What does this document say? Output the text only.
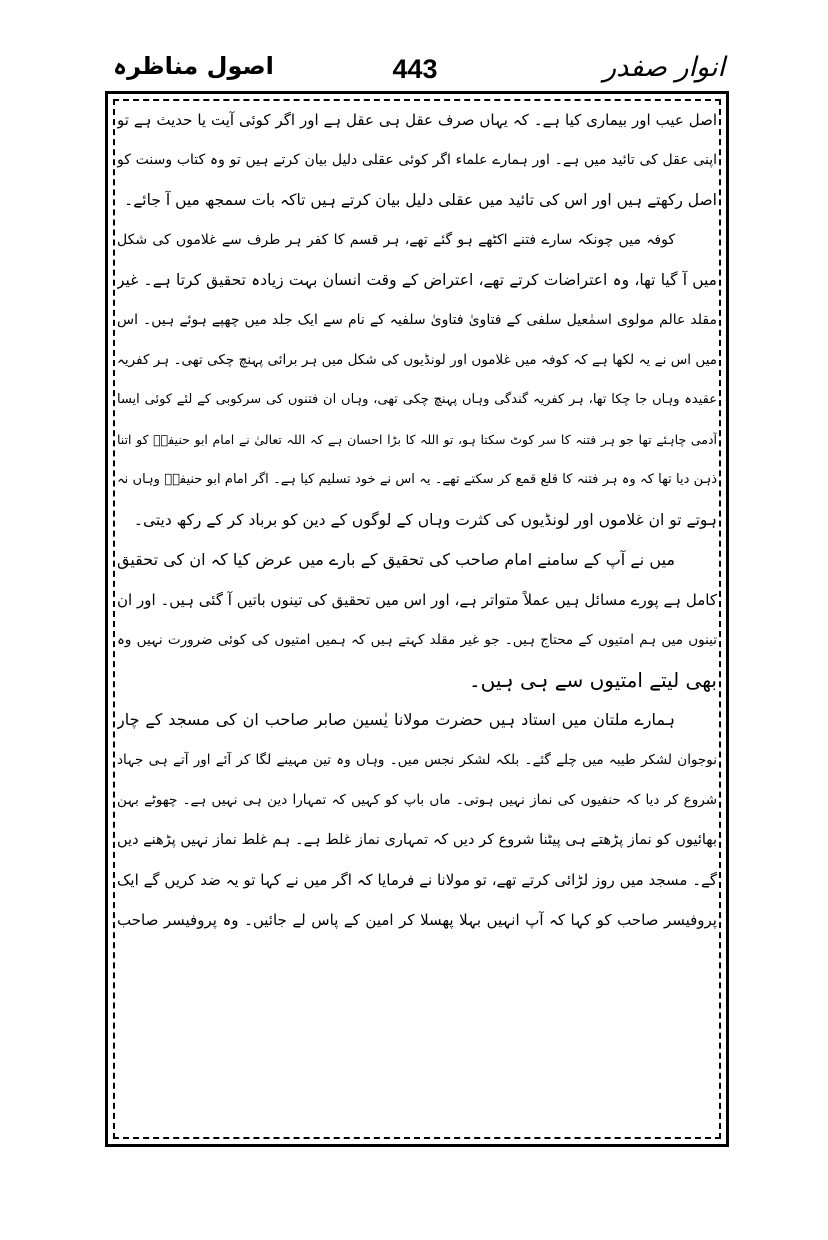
انوار صفدر
443
اصول مناظرہ
اصل عیب اور بیماری کیا ہے۔ کہ یہاں صرف عقل ہی عقل ہے اور اگر کوئی آیت یا حدیث ہے تو
اپنی عقل کی تائید میں ہے۔ اور ہمارے علماء اگر کوئی عقلی دلیل بیان کرتے ہیں تو وہ کتاب وسنت کو
اصل رکھتے ہیں اور اس کی تائید میں عقلی دلیل بیان کرتے ہیں تاکہ بات سمجھ میں آ جائے۔
کوفہ میں چونکہ سارے فتنے اکٹھے ہو گئے تھے، ہر قسم کا کفر ہر طرف سے غلاموں کی شکل
میں آ گیا تھا، وہ اعتراضات کرتے تھے، اعتراض کے وقت انسان بہت زیادہ تحقیق کرتا ہے۔ غیر
مقلد عالم مولوی اسمٰعیل سلفی کے فتاویٰ فتاویٰ سلفیہ کے نام سے ایک جلد میں چھپے ہوئے ہیں۔ اس
میں اس نے یہ لکھا ہے کہ کوفہ میں غلاموں اور لونڈیوں کی شکل میں ہر برائی پہنچ چکی تھی۔ ہر کفریہ
عقیدہ وہاں جا چکا تھا، ہر کفریہ گندگی وہاں پہنچ چکی تھی، وہاں ان فتنوں کی سرکوبی کے لئے کوئی ایسا
آدمی چاہئے تھا جو ہر فتنہ کا سر کوٹ سکتا ہو، تو اللہ کا بڑا احسان ہے کہ اللہ تعالیٰ نے امام ابو حنیفہؒ کو اتنا
ذہن دیا تھا کہ وہ ہر فتنہ کا قلع قمع کر سکتے تھے۔ یہ اس نے خود تسلیم کیا ہے۔ اگر امام ابو حنیفہؒ وہاں نہ
ہوتے تو ان غلاموں اور لونڈیوں کی کثرت وہاں کے لوگوں کے دین کو برباد کر کے رکھ دیتی۔
میں نے آپ کے سامنے امام صاحب کی تحقیق کے بارے میں عرض کیا کہ ان کی تحقیق
کامل ہے پورے مسائل ہیں عملاً متواتر ہے، اور اس میں تحقیق کی تینوں باتیں آ گئی ہیں۔ اور ان
تینوں میں ہم امتیوں کے محتاج ہیں۔ جو غیر مقلد کہتے ہیں کہ ہمیں امتیوں کی کوئی ضرورت نہیں وہ
بھی لیتے امتیوں سے ہی ہیں۔
ہمارے ملتان میں استاد ہیں حضرت مولانا یٰسین صابر صاحب ان کی مسجد کے چار
نوجوان لشکر طیبہ میں چلے گئے۔ بلکہ لشکر نجس میں۔ وہاں وہ تین مہینے لگا کر آئے اور آتے ہی جہاد
شروع کر دیا کہ حنفیوں کی نماز نہیں ہوتی۔ ماں باپ کو کہیں کہ تمہارا دین ہی نہیں ہے۔ چھوٹے بہن
بھائیوں کو نماز پڑھتے ہی پیٹنا شروع کر دیں کہ تمہاری نماز غلط ہے۔ ہم غلط نماز نہیں پڑھنے دیں
گے۔ مسجد میں روز لڑائی کرتے تھے، تو مولانا نے فرمایا کہ اگر میں نے کہا تو یہ ضد کریں گے ایک
پروفیسر صاحب کو کہا کہ آپ انہیں بہلا پھسلا کر امین کے پاس لے جائیں۔ وہ پروفیسر صاحب
